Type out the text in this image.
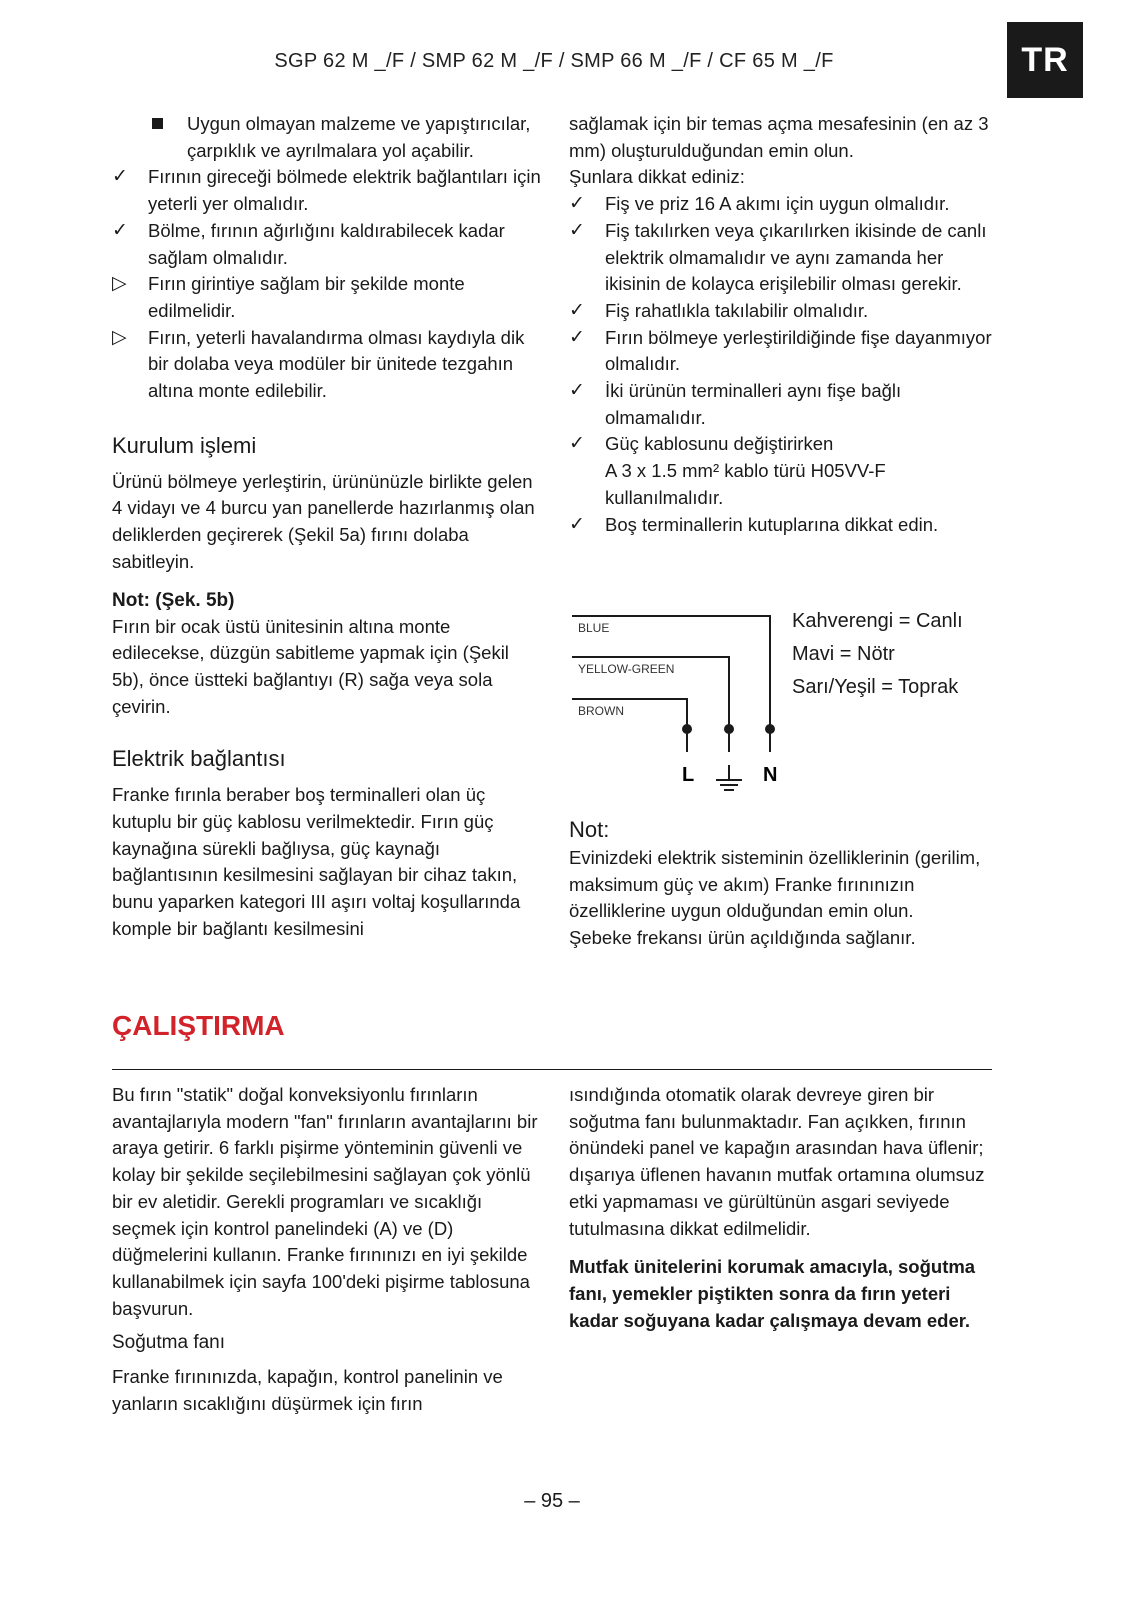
SGP 62 M _/F / SMP 62 M _/F / SMP 66 M _/F / CF 65 M _/F	TR
Uygun olmayan malzeme ve yapıştırıcılar, çarpıklık ve ayrılmalara yol açabilir.
✓	Fırının gireceği bölmede elektrik bağlantıları için yeterli yer olmalıdır.
✓	Bölme, fırının ağırlığını kaldırabilecek kadar sağlam olmalıdır.
▷	Fırın girintiye sağlam bir şekilde monte edilmelidir.
▷	Fırın, yeterli havalandırma olması kaydıyla dik bir dolaba veya modüler bir ünitede tezgahın altına monte edilebilir.

Kurulum işlemi

Ürünü bölmeye yerleştirin, ürününüzle birlikte gelen 4 vidayı ve 4 burcu yan panellerde hazırlanmış olan deliklerden geçirerek (Şekil 5a) fırını dolaba sabitleyin.

Not: (Şek. 5b)

Fırın bir ocak üstü ünitesinin altına monte edilecekse, düzgün sabitleme yapmak için (Şekil 5b), önce üstteki bağlantıyı (R) sağa veya sola çevirin.

Elektrik bağlantısı

Franke fırınla beraber boş terminalleri olan üç kutuplu bir güç kablosu verilmektedir. Fırın güç kaynağına sürekli bağlıysa, güç kaynağı bağlantısının kesilmesini sağlayan bir cihaz takın, bunu yaparken kategori III aşırı voltaj koşullarında komple bir bağlantı kesilmesini

sağlamak için bir temas açma mesafesinin (en az 3 mm) oluşturulduğundan emin olun.

Şunlara dikkat ediniz:

✓	Fiş ve priz 16 A akımı için uygun olmalıdır.
✓	Fiş takılırken veya çıkarılırken ikisinde de canlı elektrik olmamalıdır ve aynı zamanda her ikisinin de kolayca erişilebilir olması gerekir.
✓	Fiş rahatlıkla takılabilir olmalıdır.
✓	Fırın bölmeye yerleştirildiğinde fişe dayanmıyor olmalıdır.
✓	İki ürünün terminalleri aynı fişe bağlı olmamalıdır.
✓	Güç kablosunu değiştirirken
A 3 x 1.5 mm² kablo türü H05VV-F kullanılmalıdır.
✓	Boş terminallerin kutuplarına dikkat edin.
BLUE
YELLOW-GREEN
BROWN
L	N
Kahverengi = Canlı
Mavi = Nötr
Sarı/Yeşil = Toprak

Not:

Evinizdeki elektrik sisteminin özelliklerinin (gerilim, maksimum güç ve akım) Franke fırınınızın özelliklerine uygun olduğundan emin olun.

Şebeke frekansı ürün açıldığında sağlanır.

ÇALIŞTIRMA

Bu fırın "statik" doğal konveksiyonlu fırınların avantajlarıyla modern "fan" fırınların avantajlarını bir araya getirir. 6 farklı pişirme yönteminin güvenli ve kolay bir şekilde seçilebilmesini sağlayan çok yönlü bir ev aletidir. Gerekli programları ve sıcaklığı seçmek için kontrol panelindeki (A) ve (D) düğmelerini kullanın. Franke fırınınızı en iyi şekilde kullanabilmek için sayfa 100'deki pişirme tablosuna başvurun.

Soğutma fanı

Franke fırınınızda, kapağın, kontrol panelinin ve yanların sıcaklığını düşürmek için fırın

ısındığında otomatik olarak devreye giren bir soğutma fanı bulunmaktadır. Fan açıkken, fırının önündeki panel ve kapağın arasından hava üflenir; dışarıya üflenen havanın mutfak ortamına olumsuz etki yapmaması ve gürültünün asgari seviyede tutulmasına dikkat edilmelidir.

Mutfak ünitelerini korumak amacıyla, soğutma fanı, yemekler piştikten sonra da fırın yeteri kadar soğuyana kadar çalışmaya devam eder.

– 95 –
